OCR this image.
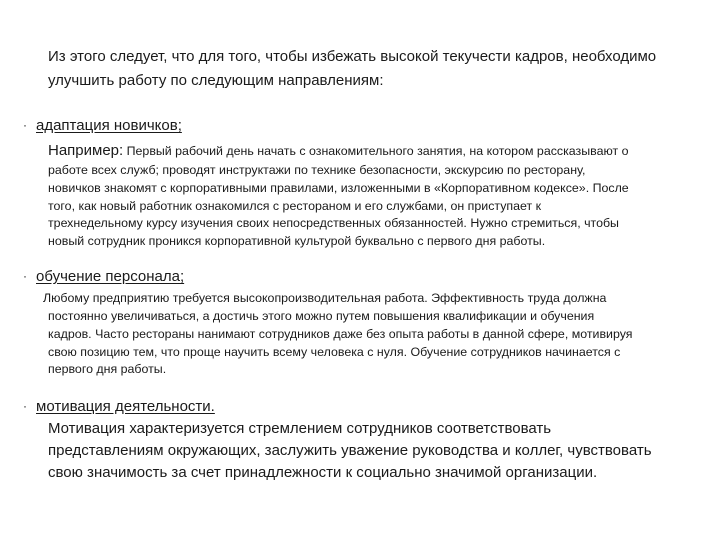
Из этого следует, что для того, чтобы избежать высокой текучести кадров, необходимо
улучшить работу по следующим направлениям:
· адаптация новичков;
Например: Первый рабочий день начать с ознакомительного занятия, на котором рассказывают о
работе всех служб; проводят инструктажи по технике безопасности, экскурсию по ресторану,
новичков знакомят с корпоративными правилами, изложенными в «Корпоративном кодексе». После
того, как новый работник ознакомился с рестораном и его службами, он приступает к
трехнедельному курсу изучения своих непосредственных обязанностей. Нужно стремиться, чтобы
новый сотрудник проникся корпоративной культурой буквально с первого дня работы.
· обучение персонала;
Любому предприятию требуется высокопроизводительная работа. Эффективность труда должна
постоянно увеличиваться, а достичь этого можно путем повышения квалификации и обучения
кадров. Часто рестораны нанимают сотрудников даже без опыта работы в данной сфере, мотивируя
свою позицию тем, что проще научить всему человека с нуля. Обучение сотрудников начинается с
первого дня работы.
· мотивация деятельности.
Мотивация характеризуется стремлением сотрудников соответствовать
представлениям окружающих, заслужить уважение руководства и коллег, чувствовать
свою значимость за счет принадлежности к социально значимой организации.
